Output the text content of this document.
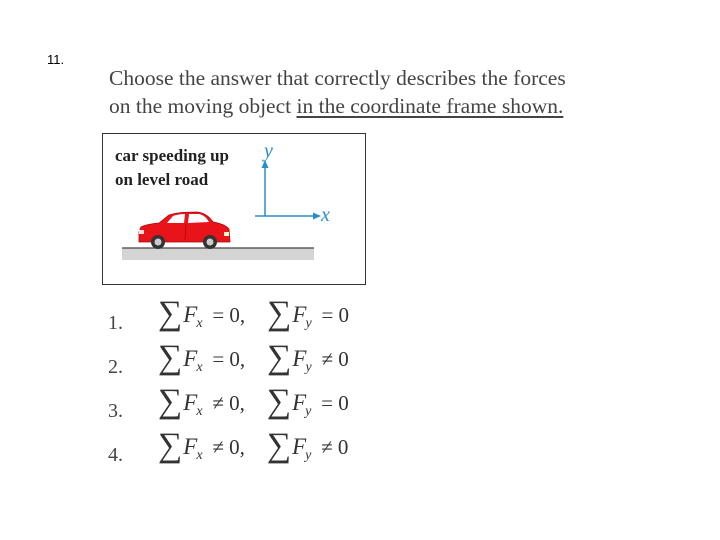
11.
Choose the answer that correctly describes the forces
on the moving object in the coordinate frame shown.
car speeding up
on level road
y
x
1.	∑ F x = 0, ∑ F y = 0
2.	∑ F x = 0, ∑ F y ≠ 0
3.	∑ F x ≠ 0, ∑ F y = 0
4.	∑ F x ≠ 0, ∑ F y ≠ 0
